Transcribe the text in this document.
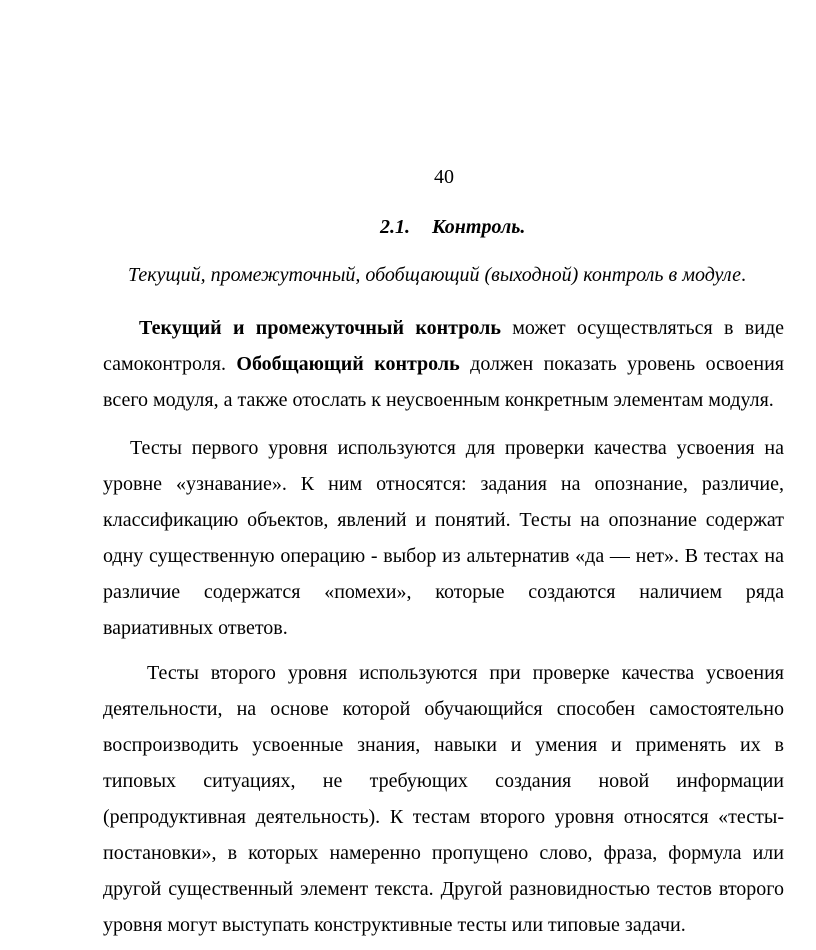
40
2.1. Контроль.
Текущий, промежуточный, обобщающий (выходной) контроль в модуле.
Текущий и промежуточный контроль может осуществляться в виде
самоконтроля. Обобщающий контроль должен показать уровень освоения
всего модуля, а также отослать к неусвоенным конкретным элементам модуля.
Тесты первого уровня используются для проверки качества усвоения на
уровне «узнавание». К ним относятся: задания на опознание, различие,
классификацию объектов, явлений и понятий. Тесты на опознание содержат
одну существенную операцию - выбор из альтернатив «да — нет». В тестах на
различие содержатся «помехи», которые создаются наличием ряда
вариативных ответов.
Тесты второго уровня используются при проверке качества усвоения
деятельности, на основе которой обучающийся способен самостоятельно
воспроизводить усвоенные знания, навыки и умения и применять их в
типовых ситуациях, не требующих создания новой информации
(репродуктивная деятельность). К тестам второго уровня относятся «тесты-
постановки», в которых намеренно пропущено слово, фраза, формула или
другой существенный элемент текста. Другой разновидностью тестов второго
уровня могут выступать конструктивные тесты или типовые задачи.
